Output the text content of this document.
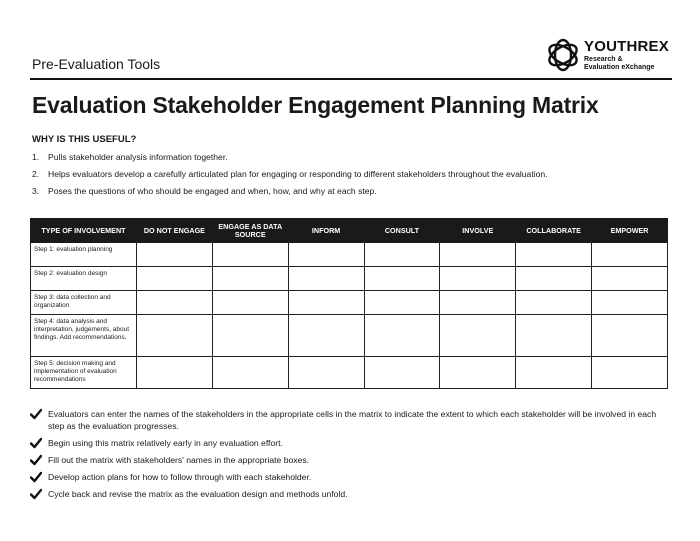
Pre-Evaluation Tools
YOUTHREX
Research &
Evaluation eXchange
Evaluation Stakeholder Engagement Planning Matrix
WHY IS THIS USEFUL?
1. Pulls stakeholder analysis information together.
2. Helps evaluators develop a carefully articulated plan for engaging or responding to different stakeholders throughout the evaluation.
3. Poses the questions of who should be engaged and when, how, and why at each step.
TYPE OF INVOLVEMENT	DO NOT ENGAGE	ENGAGE AS DATA SOURCE	INFORM	CONSULT	INVOLVE	COLLABORATE	EMPOWER
Step 1: evaluation planning							
Step 2: evaluation design							
Step 3: data collection and organization							
Step 4: data analysis and interpretation, judgements, about findings. Add recommendations.							
Step 5: decision making and implementation of evaluation recommendations							
Evaluators can enter the names of the stakeholders in the appropriate cells in the matrix to indicate the extent to which each stakeholder will be involved in each step as the evaluation progresses.
Begin using this matrix relatively early in any evaluation effort.
Fill out the matrix with stakeholders' names in the appropriate boxes.
Develop action plans for how to follow through with each stakeholder.
Cycle back and revise the matrix as the evaluation design and methods unfold.
